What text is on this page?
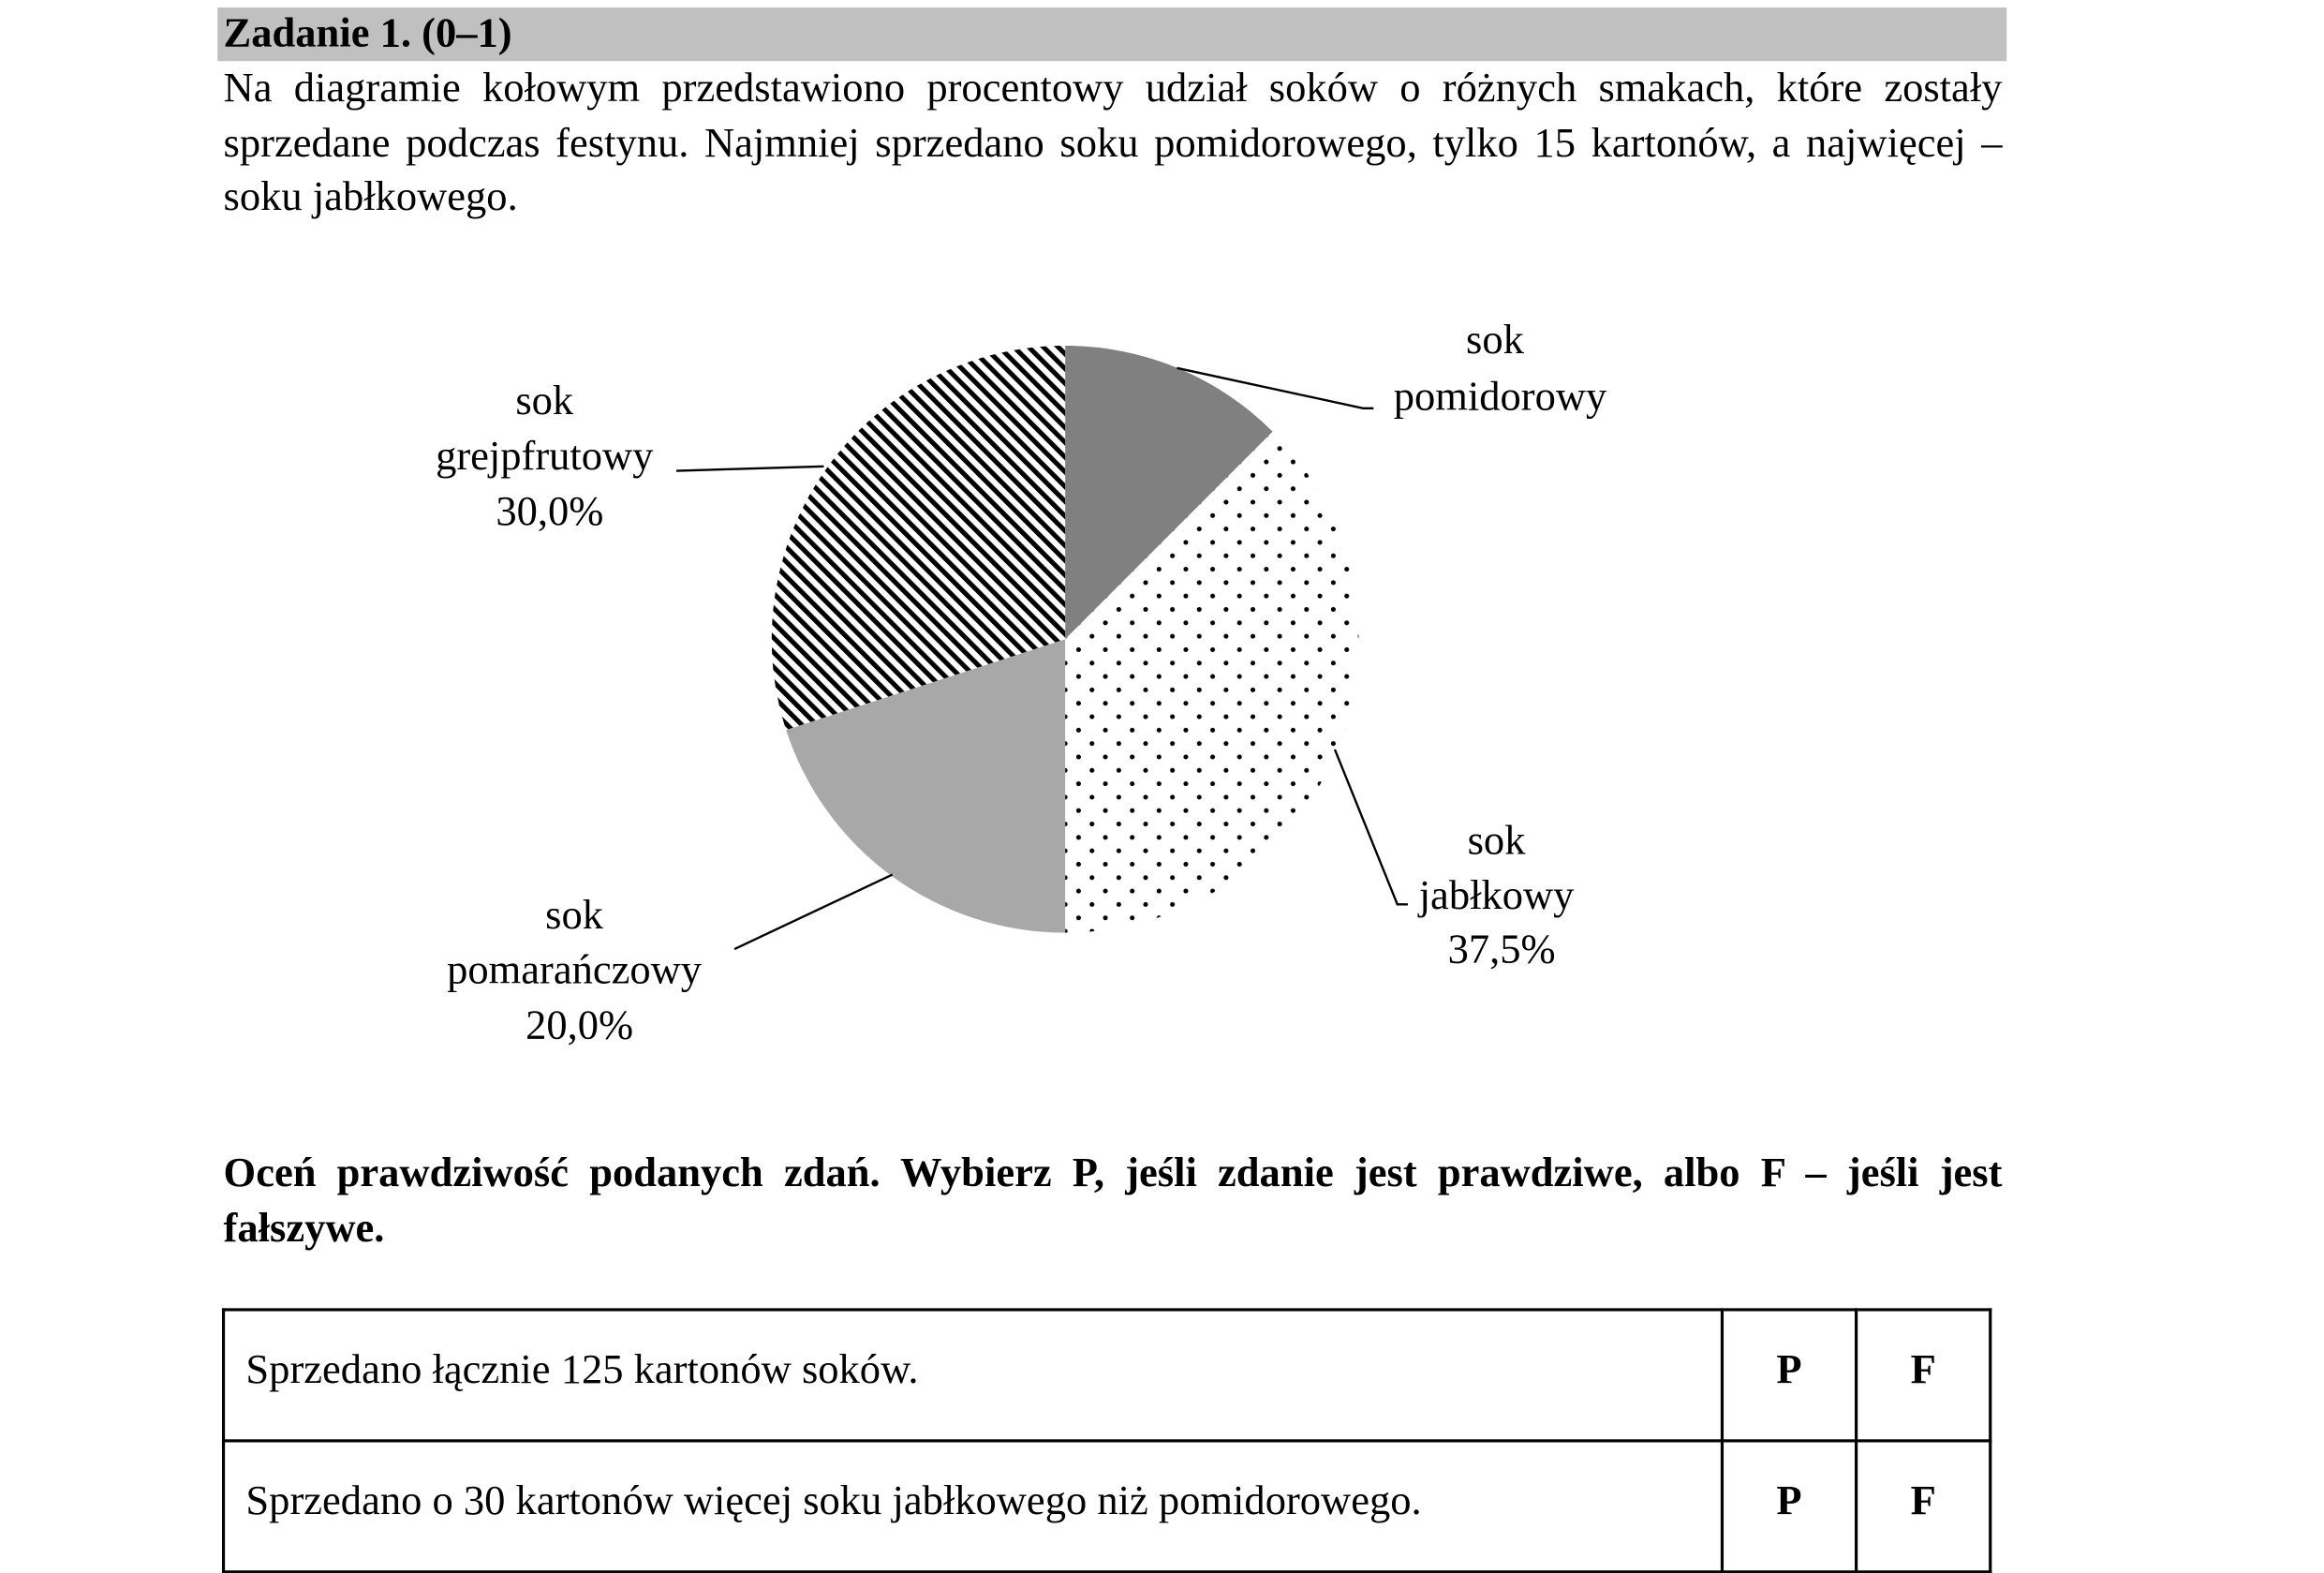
Zadanie 1. (0–1)

Na diagramie kołowym przedstawiono procentowy udział soków o różnych smakach, które zostały sprzedane podczas festynu. Najmniej sprzedano soku pomidorowego, tylko 15 kartonów, a najwięcej – soku jabłkowego.

sok pomidorowy
sok jabłkowy 37,5%
sok pomarańczowy 20,0%
sok grejpfrutowy 30,0%

Oceń prawdziwość podanych zdań. Wybierz P, jeśli zdanie jest prawdziwe, albo F – jeśli jest fałszywe.

Sprzedano łącznie 125 kartonów soków.	P	F
Sprzedano o 30 kartonów więcej soku jabłkowego niż pomidorowego.	P	F
